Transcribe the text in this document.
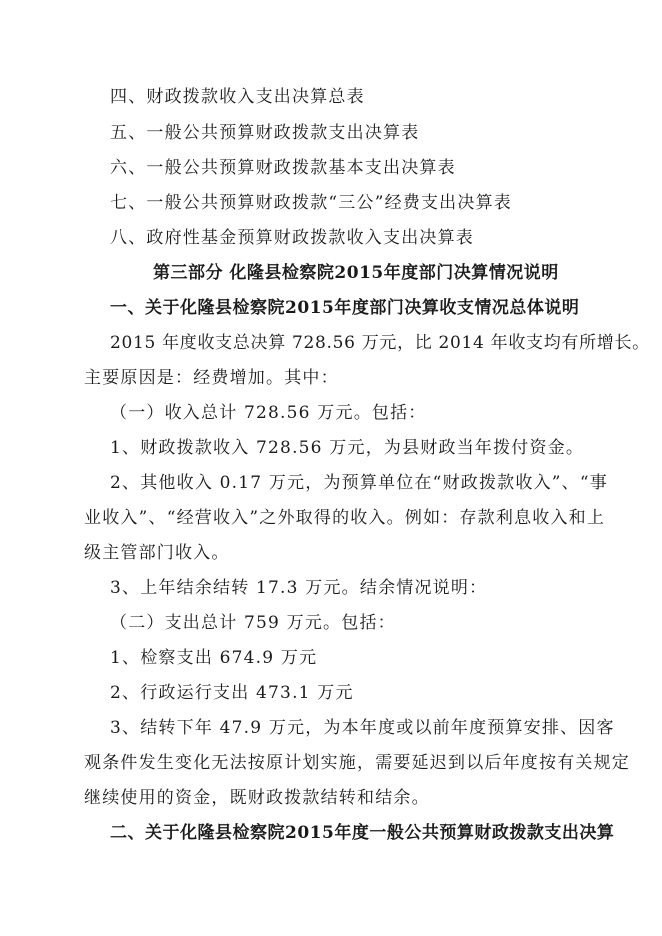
四、财政拨款收入支出决算总表
五、一般公共预算财政拨款支出决算表
六、一般公共预算财政拨款基本支出决算表
七、一般公共预算财政拨款“三公”经费支出决算表
八、政府性基金预算财政拨款收入支出决算表
第三部分 化隆县检察院2015年度部门决算情况说明
一、关于化隆县检察院2015年度部门决算收支情况总体说明
2015 年度收支总决算 728.56 万元，比 2014 年收支均有所增长。
主要原因是：经费增加。其中：
（一）收入总计 728.56 万元。包括：
1、财政拨款收入 728.56 万元，为县财政当年拨付资金。
2、其他收入 0.17 万元，为预算单位在“财政拨款收入”、“事
业收入”、“经营收入”之外取得的收入。例如：存款利息收入和上
级主管部门收入。
3、上年结余结转 17.3 万元。结余情况说明：
（二）支出总计 759 万元。包括：
1、检察支出 674.9 万元
2、行政运行支出 473.1 万元
3、结转下年 47.9 万元，为本年度或以前年度预算安排、因客
观条件发生变化无法按原计划实施，需要延迟到以后年度按有关规定
继续使用的资金，既财政拨款结转和结余。
二、关于化隆县检察院2015年度一般公共预算财政拨款支出决算
